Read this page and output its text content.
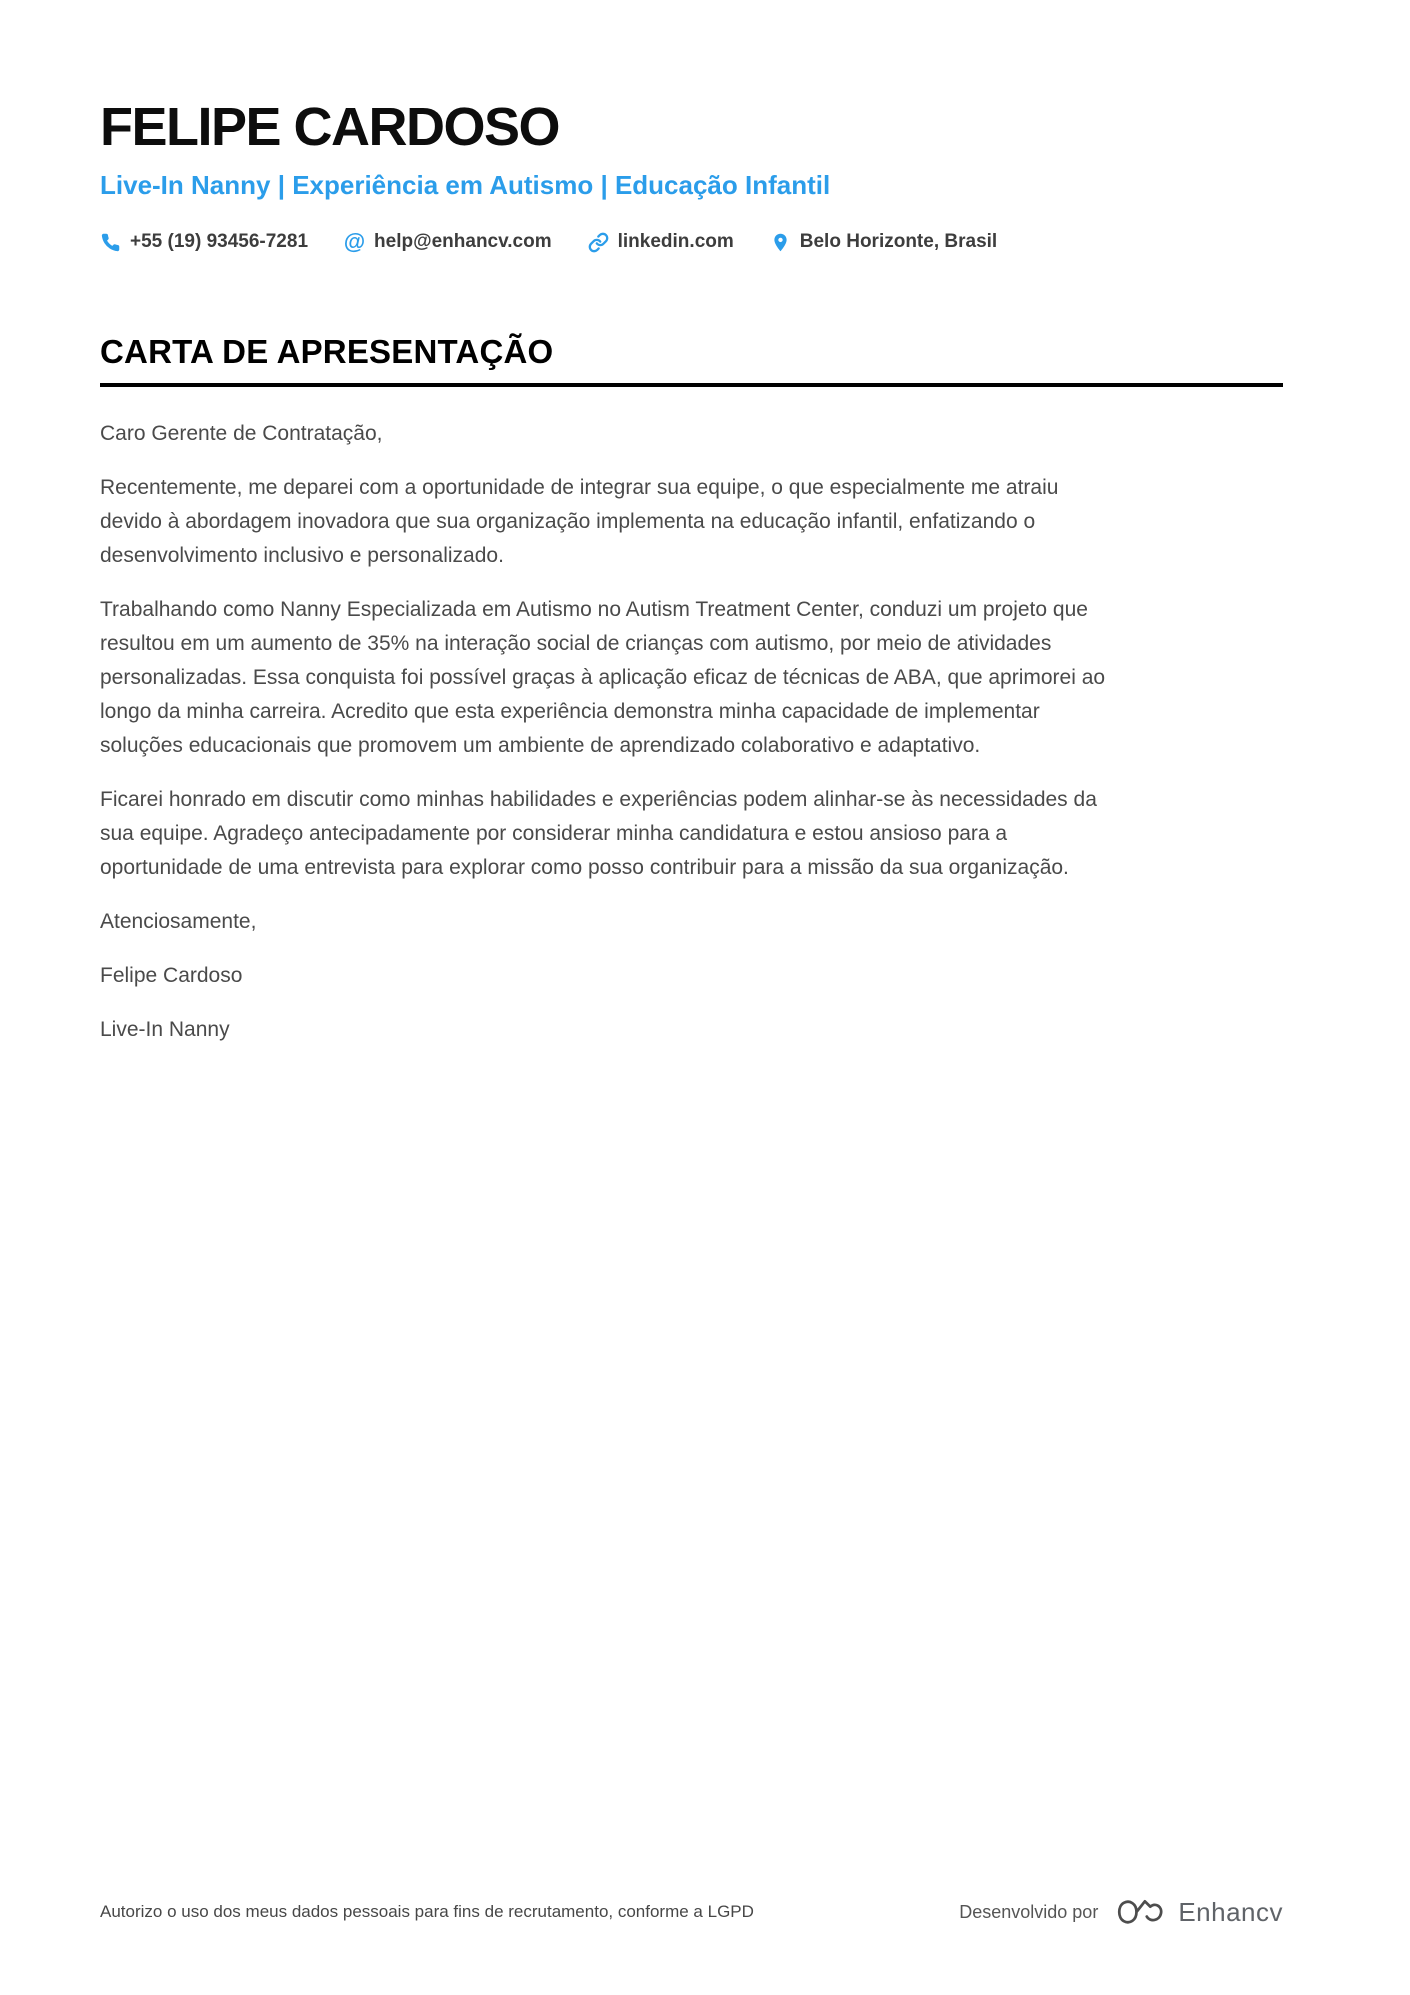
FELIPE CARDOSO
Live-In Nanny | Experiência em Autismo | Educação Infantil
+55 (19) 93456-7281 @ help@enhancv.com	linkedin.com	Belo Horizonte, Brasil
CARTA DE APRESENTAÇÃO

Caro Gerente de Contratação,

Recentemente, me deparei com a oportunidade de integrar sua equipe, o que especialmente me atraiu devido à abordagem inovadora que sua organização implementa na educação infantil, enfatizando o desenvolvimento inclusivo e personalizado.

Trabalhando como Nanny Especializada em Autismo no Autism Treatment Center, conduzi um projeto que resultou em um aumento de 35% na interação social de crianças com autismo, por meio de atividades personalizadas. Essa conquista foi possível graças à aplicação eficaz de técnicas de ABA, que aprimorei ao longo da minha carreira. Acredito que esta experiência demonstra minha capacidade de implementar soluções educacionais que promovem um ambiente de aprendizado colaborativo e adaptativo.

Ficarei honrado em discutir como minhas habilidades e experiências podem alinhar-se às necessidades da sua equipe. Agradeço antecipadamente por considerar minha candidatura e estou ansioso para a oportunidade de uma entrevista para explorar como posso contribuir para a missão da sua organização.

Atenciosamente,

Felipe Cardoso

Live-In Nanny

Autorizo o uso dos meus dados pessoais para fins de recrutamento, conforme a LGPD	Desenvolvido por	Enhancv
